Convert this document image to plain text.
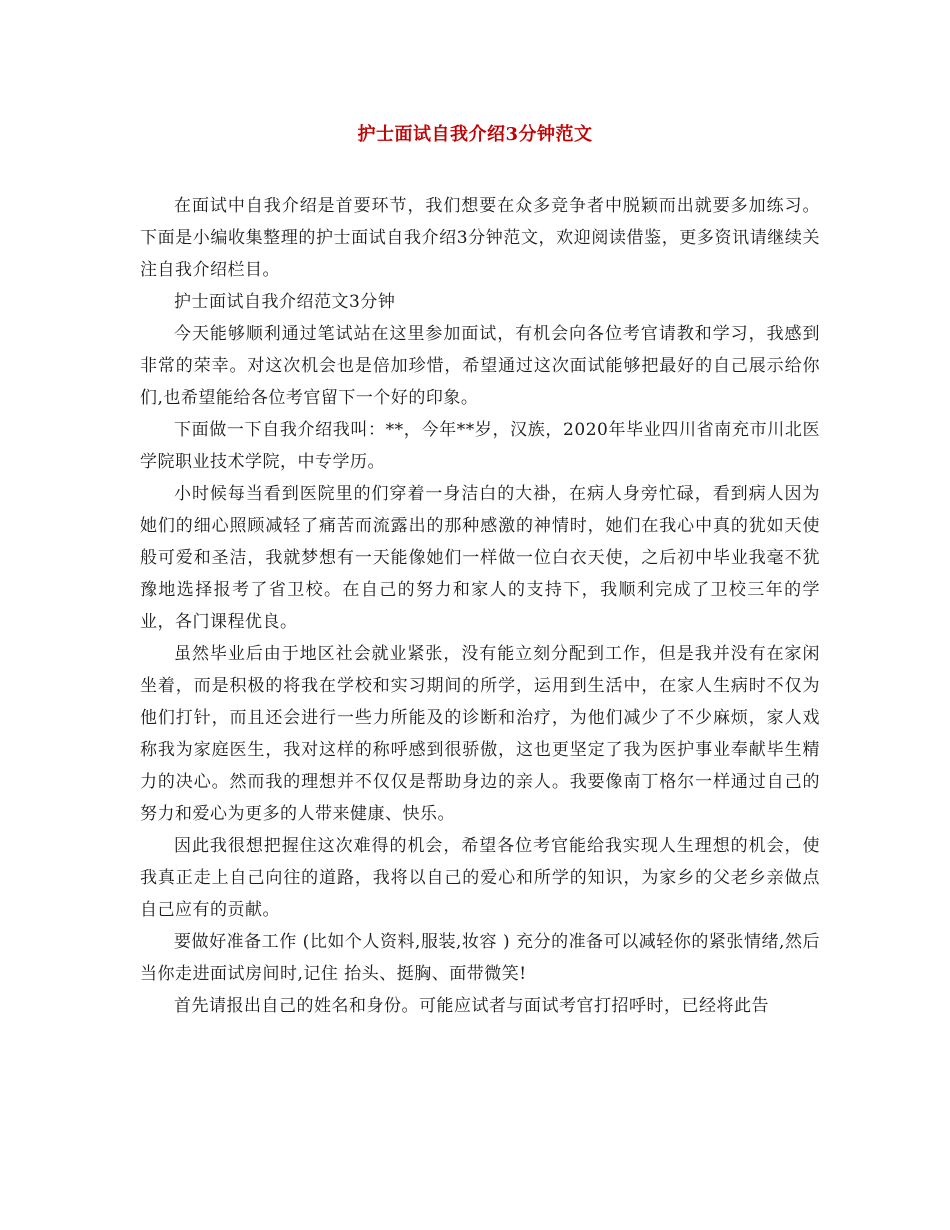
护士面试自我介绍3分钟范文

在面试中自我介绍是首要环节，我们想要在众多竞争者中脱颖而出就要多加练习。下面是小编收集整理的护士面试自我介绍3分钟范文，欢迎阅读借鉴，更多资讯请继续关注自我介绍栏目。

护士面试自我介绍范文3分钟

今天能够顺利通过笔试站在这里参加面试，有机会向各位考官请教和学习，我感到非常的荣幸。对这次机会也是倍加珍惜，希望通过这次面试能够把最好的自己展示给你们,也希望能给各位考官留下一个好的印象。

下面做一下自我介绍我叫：**，今年**岁，汉族，2020年毕业四川省南充市川北医学院职业技术学院，中专学历。

小时候每当看到医院里的们穿着一身洁白的大褂，在病人身旁忙碌，看到病人因为她们的细心照顾减轻了痛苦而流露出的那种感激的神情时，她们在我心中真的犹如天使般可爱和圣洁，我就梦想有一天能像她们一样做一位白衣天使，之后初中毕业我毫不犹豫地选择报考了省卫校。在自己的努力和家人的支持下，我顺利完成了卫校三年的学业，各门课程优良。

虽然毕业后由于地区社会就业紧张，没有能立刻分配到工作，但是我并没有在家闲坐着，而是积极的将我在学校和实习期间的所学，运用到生活中，在家人生病时不仅为他们打针，而且还会进行一些力所能及的诊断和治疗，为他们减少了不少麻烦，家人戏称我为家庭医生，我对这样的称呼感到很骄傲，这也更坚定了我为医护事业奉献毕生精力的决心。然而我的理想并不仅仅是帮助身边的亲人。我要像南丁格尔一样通过自己的努力和爱心为更多的人带来健康、快乐。

因此我很想把握住这次难得的机会，希望各位考官能给我实现人生理想的机会，使我真正走上自己向往的道路，我将以自己的爱心和所学的知识，为家乡的父老乡亲做点自己应有的贡献。

要做好准备工作 (比如个人资料,服装,妆容 ) 充分的准备可以减轻你的紧张情绪,然后当你走进面试房间时,记住 抬头、挺胸、面带微笑!

首先请报出自己的姓名和身份。可能应试者与面试考官打招呼时，已经将此告
